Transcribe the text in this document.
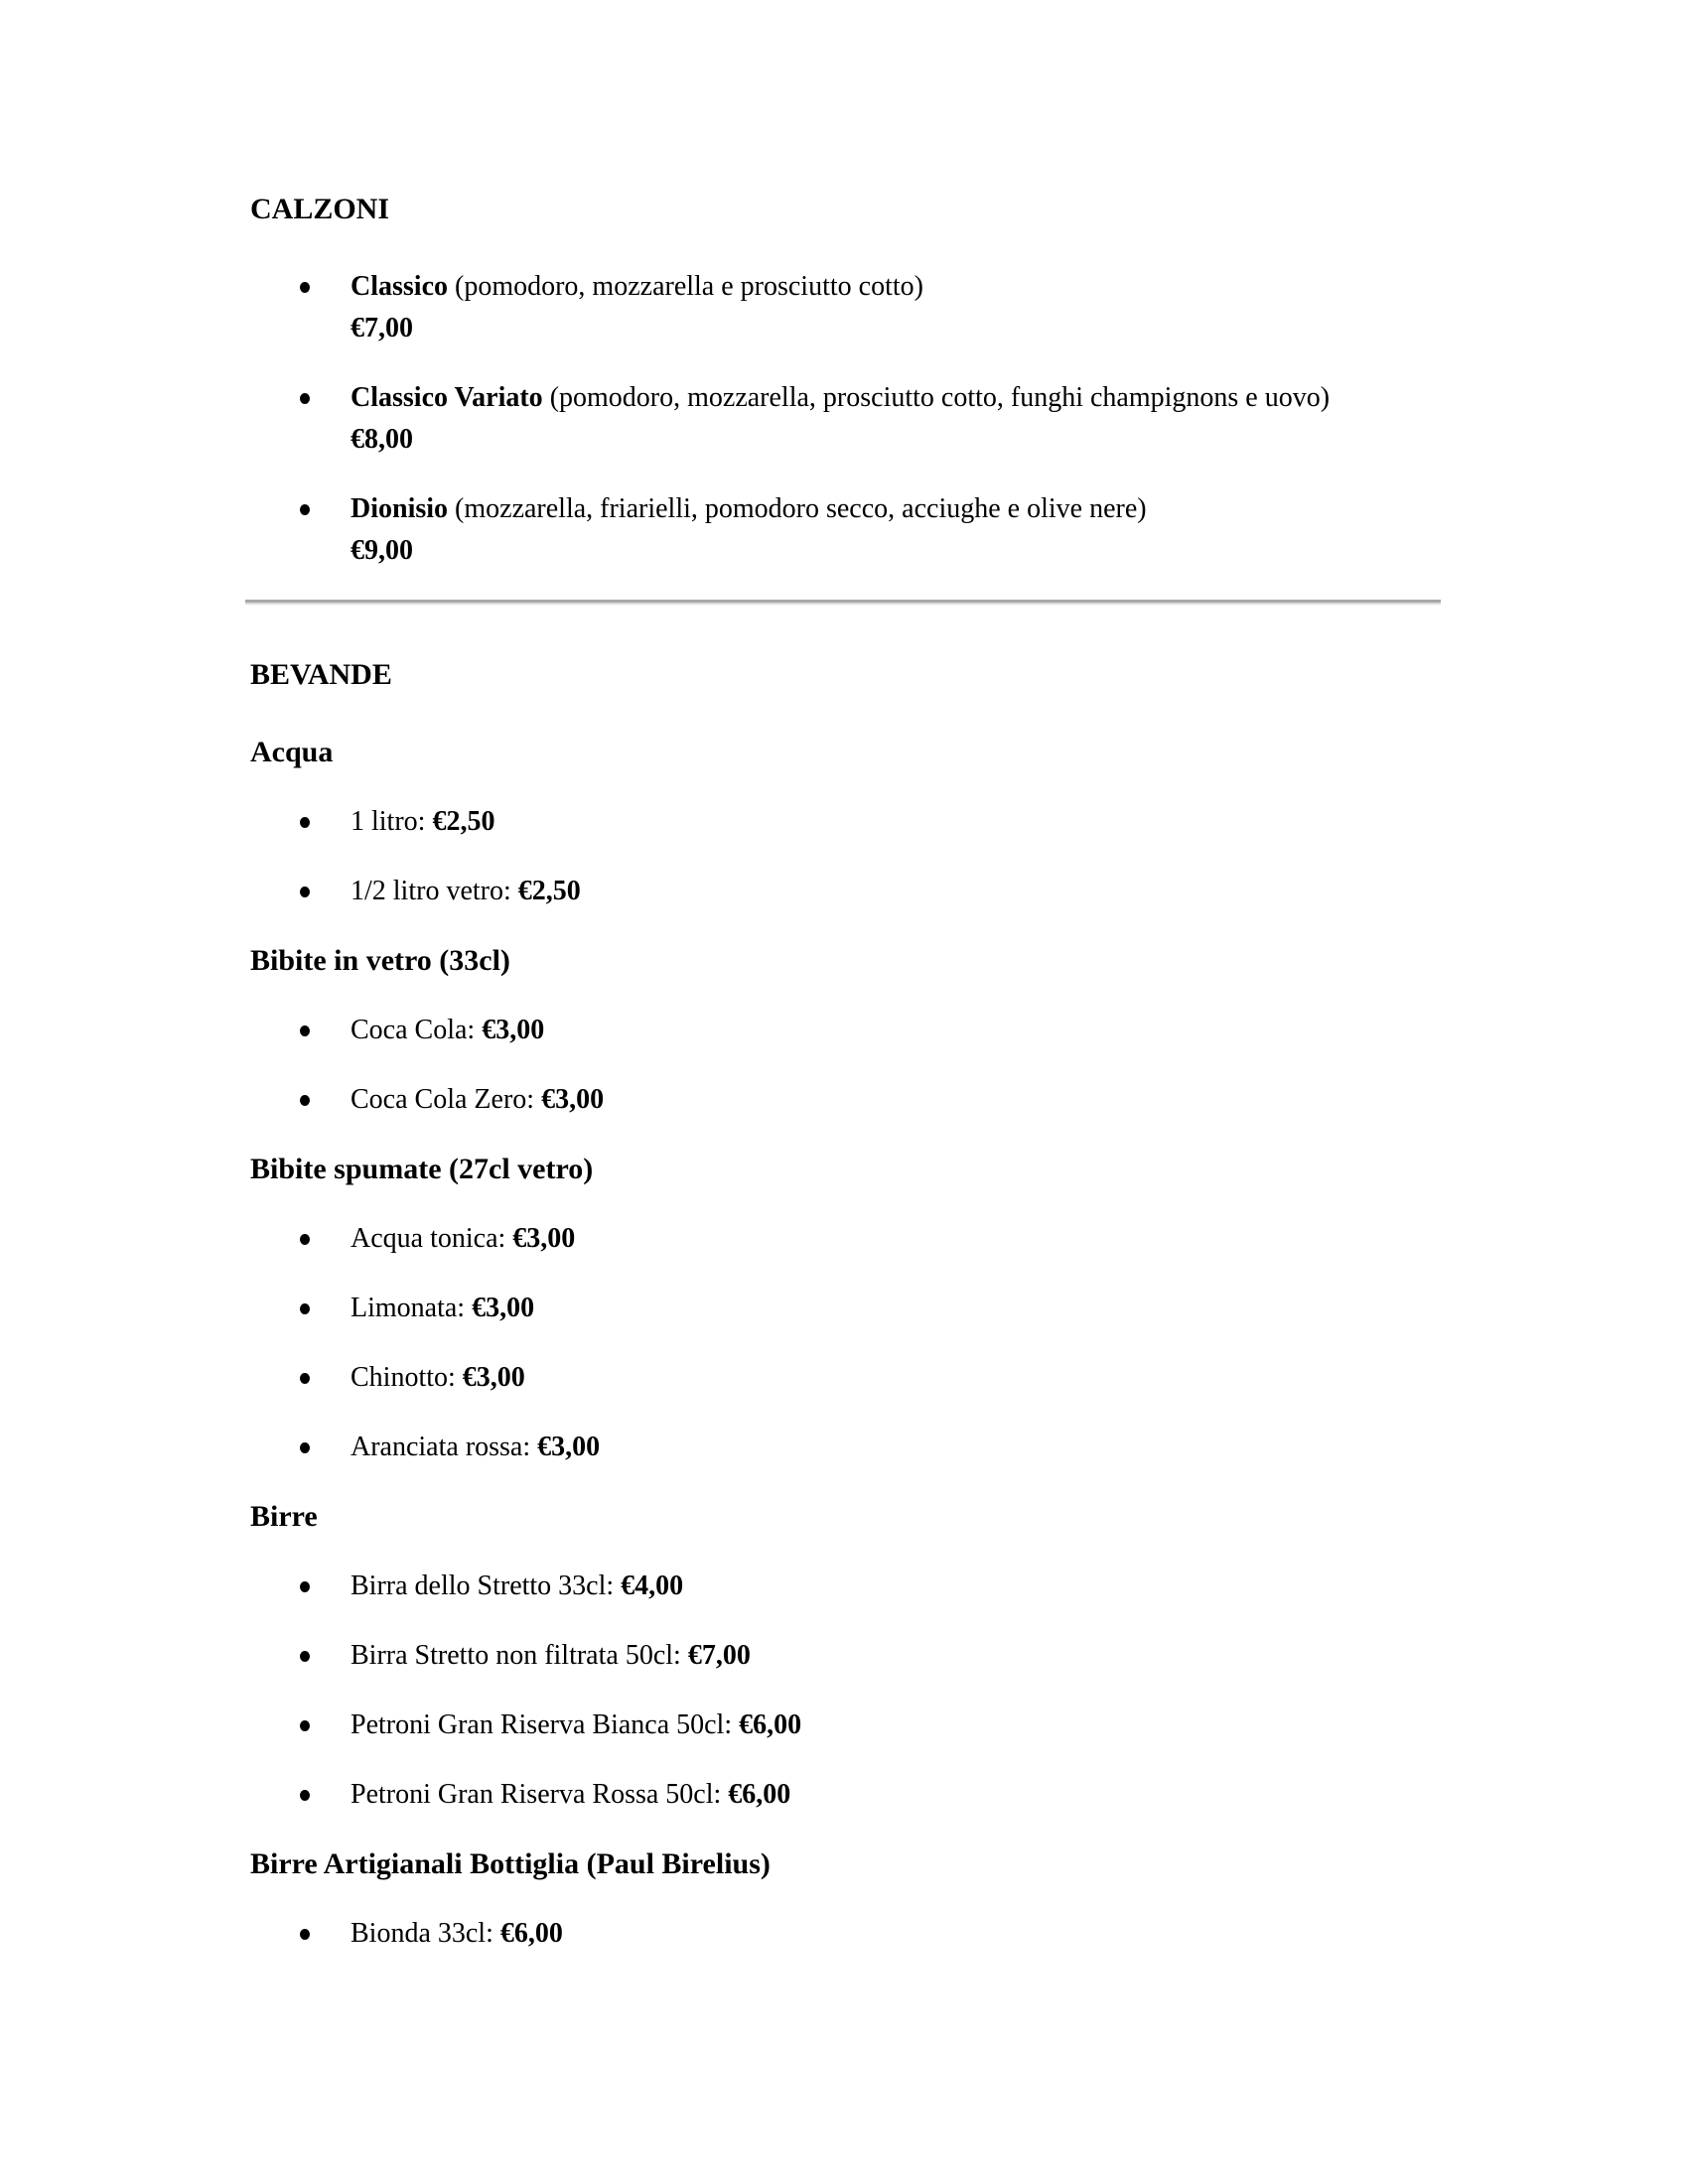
CALZONI

Classico (pomodoro, mozzarella e prosciutto cotto)

€7,00

Classico Variato (pomodoro, mozzarella, prosciutto cotto, funghi champignons e uovo)

€8,00

Dionisio (mozzarella, friarielli, pomodoro secco, acciughe e olive nere)

€9,00

BEVANDE
Acqua
1 litro: €2,50
1/2 litro vetro: €2,50
Bibite in vetro (33cl)
Coca Cola: €3,00
Coca Cola Zero: €3,00
Bibite spumate (27cl vetro)
Acqua tonica: €3,00
Limonata: €3,00
Chinotto: €3,00
Aranciata rossa: €3,00
Birre
Birra dello Stretto 33cl: €4,00
Birra Stretto non filtrata 50cl: €7,00
Petroni Gran Riserva Bianca 50cl: €6,00
Petroni Gran Riserva Rossa 50cl: €6,00
Birre Artigianali Bottiglia (Paul Birelius)
Bionda 33cl: €6,00
